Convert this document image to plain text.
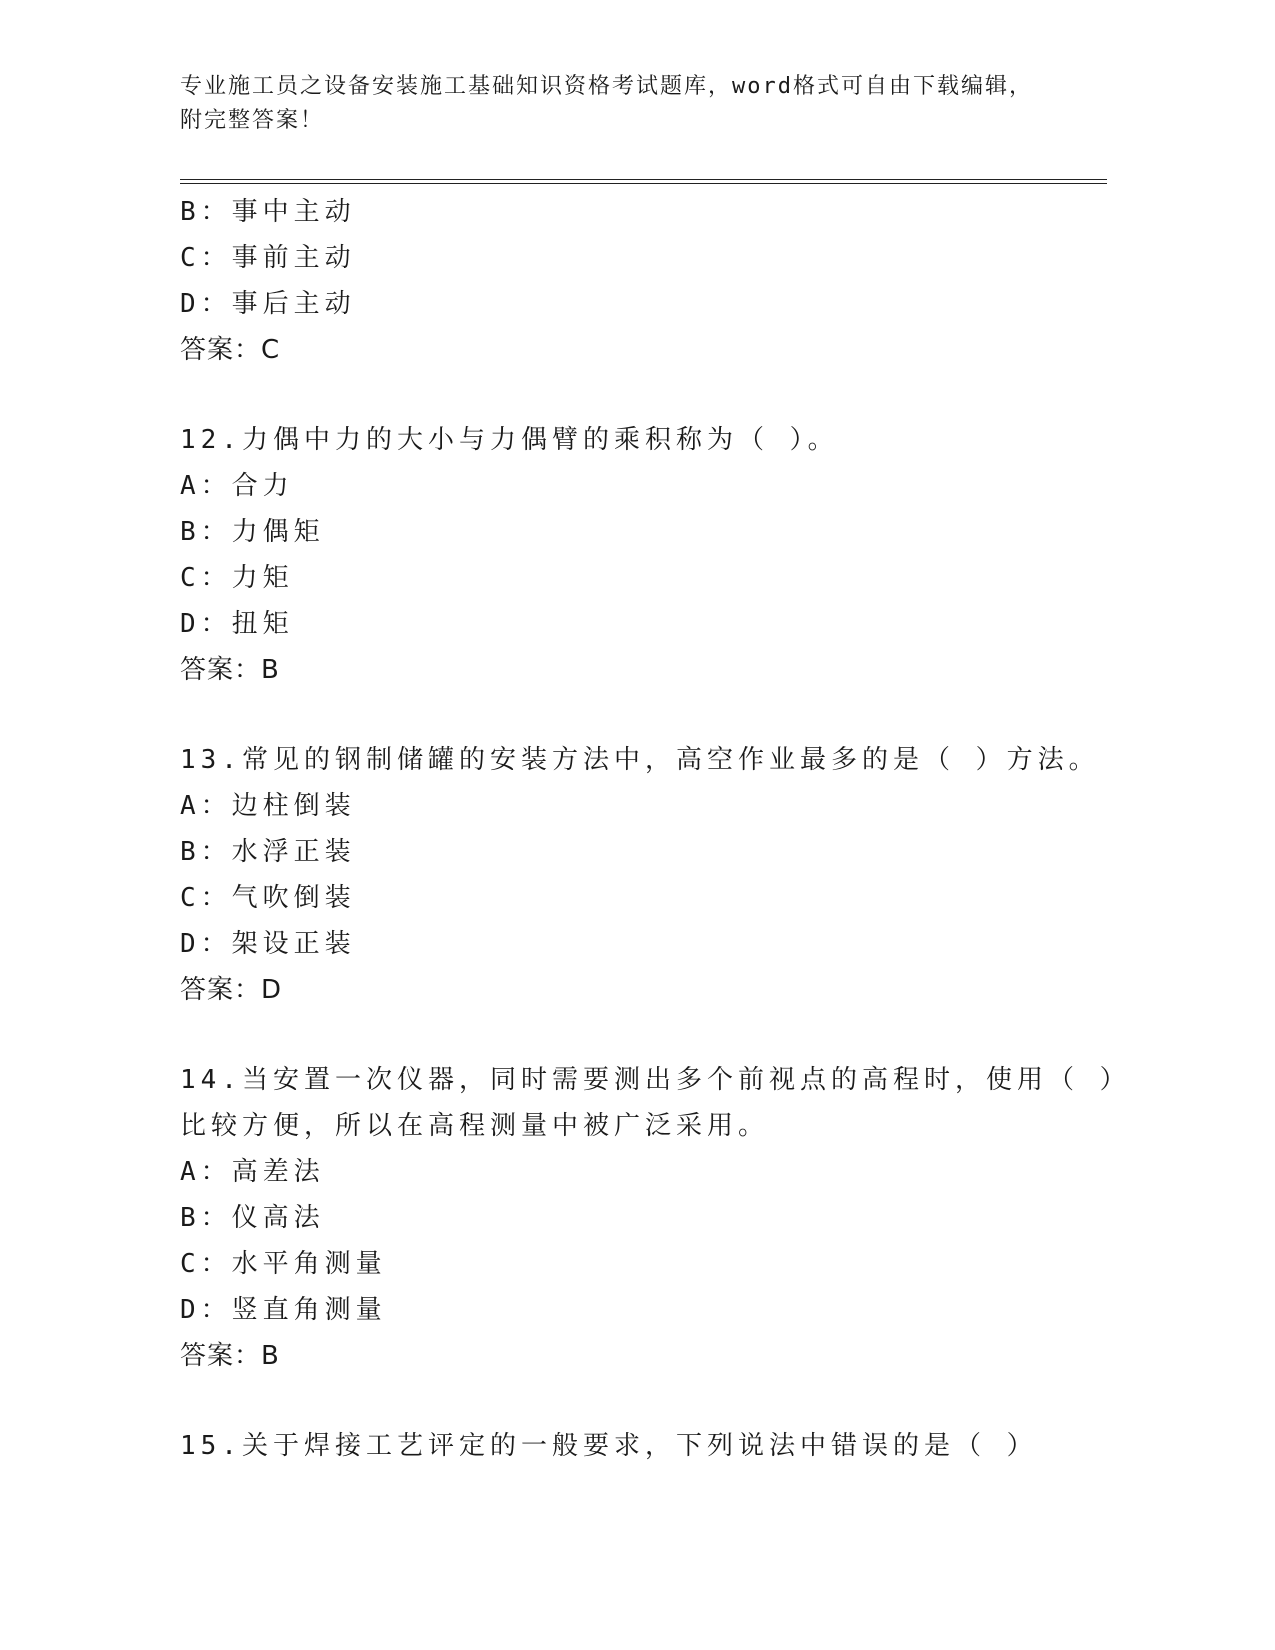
专业施工员之设备安装施工基础知识资格考试题库，word格式可自由下载编辑，
附完整答案！
B：事中主动
C：事前主动
D：事后主动
答案：C
12.力偶中力的大小与力偶臂的乘积称为（ ）。
A：合力
B：力偶矩
C：力矩
D：扭矩
答案：B
13.常见的钢制储罐的安装方法中，高空作业最多的是（ ）方法。
A：边柱倒装
B：水浮正装
C：气吹倒装
D：架设正装
答案：D
14.当安置一次仪器，同时需要测出多个前视点的高程时，使用（ ）
比较方便，所以在高程测量中被广泛采用。
A：高差法
B：仪高法
C：水平角测量
D：竖直角测量
答案：B
15.关于焊接工艺评定的一般要求，下列说法中错误的是（ ）
